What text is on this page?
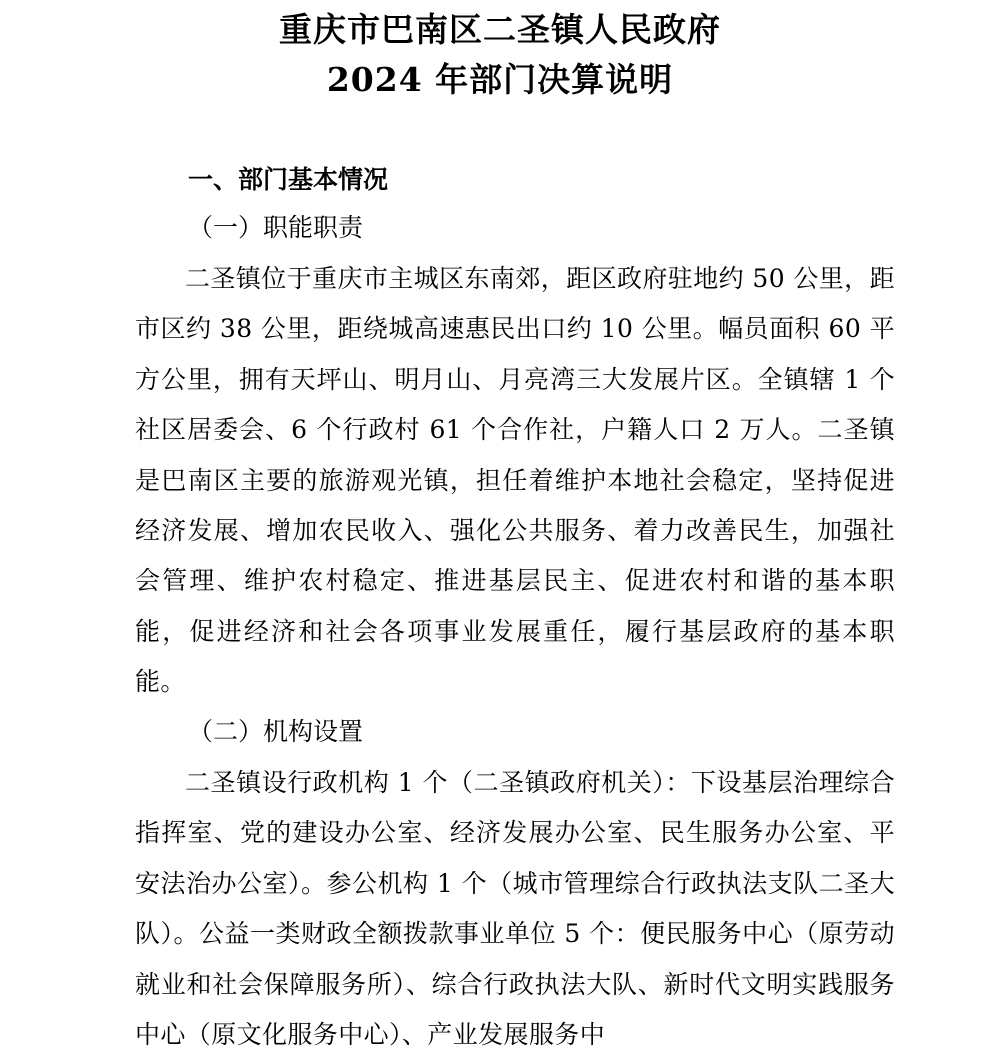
重庆市巴南区二圣镇人民政府
2024 年部门决算说明
一、部门基本情况
（一）职能职责

二圣镇位于重庆市主城区东南郊，距区政府驻地约 50 公里，距市区约 38 公里，距绕城高速惠民出口约 10 公里。幅员面积 60 平方公里，拥有天坪山、明月山、月亮湾三大发展片区。全镇辖 1 个社区居委会、6 个行政村 61 个合作社，户籍人口 2 万人。二圣镇是巴南区主要的旅游观光镇，担任着维护本地社会稳定，坚持促进经济发展、增加农民收入、强化公共服务、着力改善民生，加强社会管理、维护农村稳定、推进基层民主、促进农村和谐的基本职能，促进经济和社会各项事业发展重任，履行基层政府的基本职能。

（二）机构设置

二圣镇设行政机构 1 个（二圣镇政府机关）：下设基层治理综合指挥室、党的建设办公室、经济发展办公室、民生服务办公室、平安法治办公室）。参公机构 1 个（城市管理综合行政执法支队二圣大队）。公益一类财政全额拨款事业单位 5 个：便民服务中心（原劳动就业和社会保障服务所）、综合行政执法大队、新时代文明实践服务中心（原文化服务中心）、产业发展服务中
